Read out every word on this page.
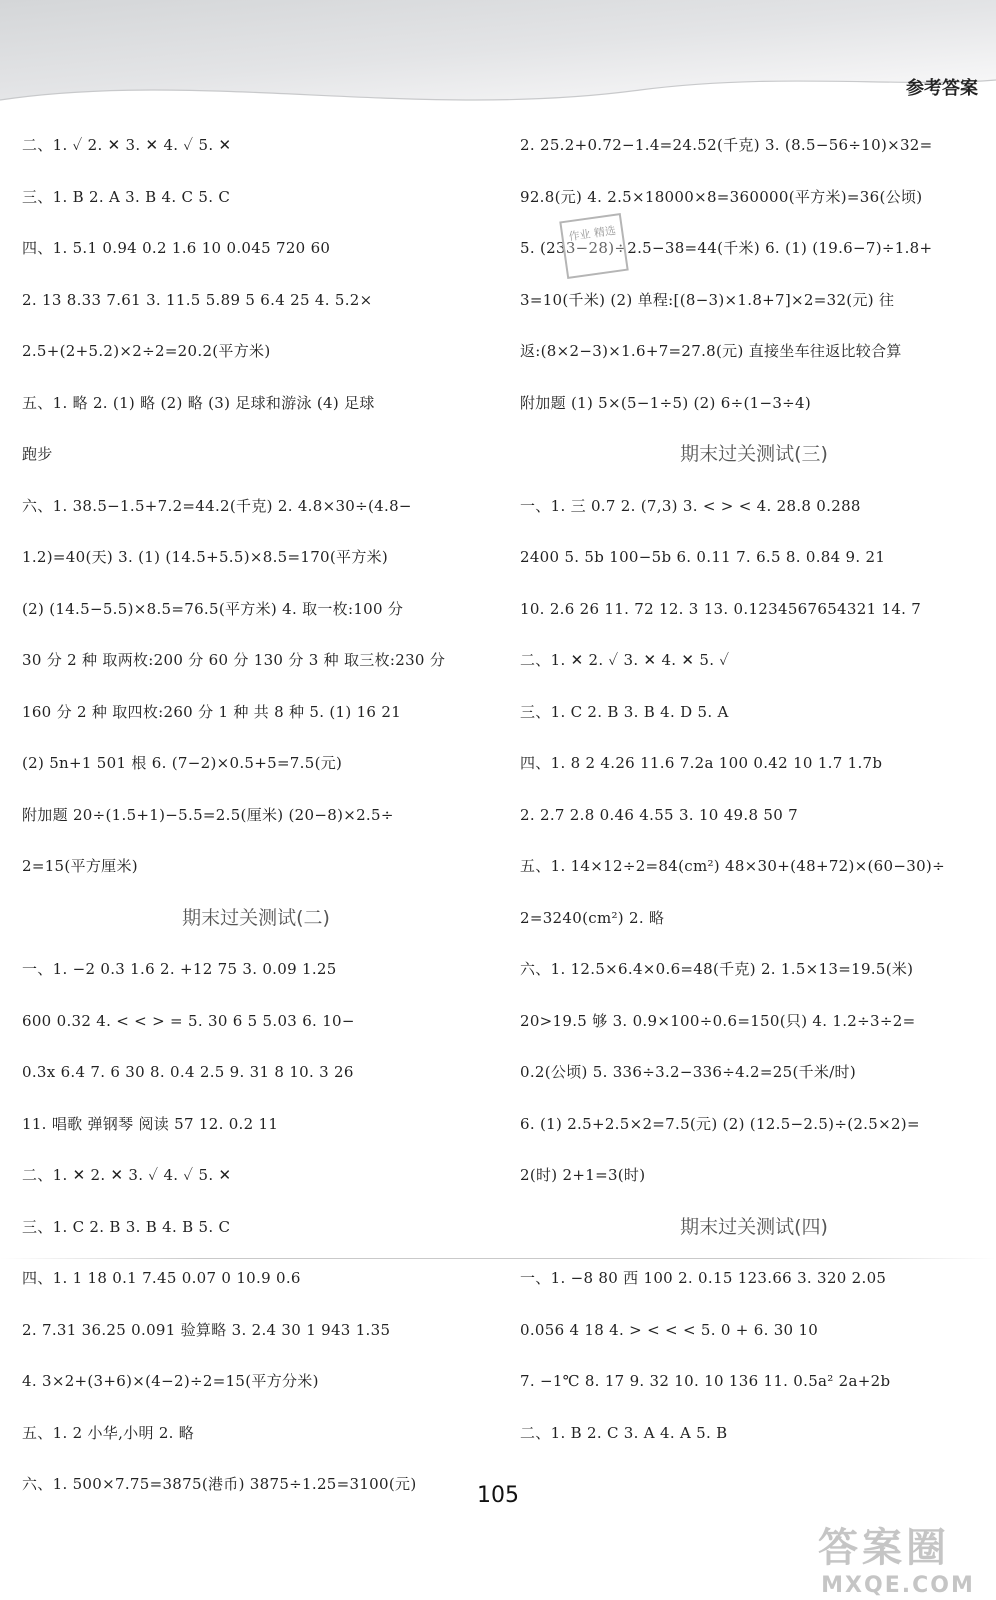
参考答案
二、1. ✓ 2. ✕ 3. ✕ 4. ✓ 5. ✕
三、1. B 2. A 3. B 4. C 5. C
四、1. 5.1 0.94 0.2 1.6 10 0.045 720 60
2. 13 8.33 7.61 3. 11.5 5.89 5 6.4 25 4. 5.2×
2.5+(2+5.2)×2÷2=20.2(平方米)
五、1. 略 2. (1) 略 (2) 略 (3) 足球和游泳 (4) 足球
跑步
六、1. 38.5−1.5+7.2=44.2(千克) 2. 4.8×30÷(4.8−
1.2)=40(天) 3. (1) (14.5+5.5)×8.5=170(平方米)
(2) (14.5−5.5)×8.5=76.5(平方米) 4. 取一枚:100 分
30 分 2 种 取两枚:200 分 60 分 130 分 3 种 取三枚:230 分
160 分 2 种 取四枚:260 分 1 种 共 8 种 5. (1) 16 21
(2) 5n+1 501 根 6. (7−2)×0.5+5=7.5(元)
附加题 20÷(1.5+1)−5.5=2.5(厘米) (20−8)×2.5÷
2=15(平方厘米)
期末过关测试(二)
一、1. −2 0.3 1.6 2. +12 75 3. 0.09 1.25
600 0.32 4. < < > = 5. 30 6 5 5.03 6. 10−
0.3x 6.4 7. 6 30 8. 0.4 2.5 9. 31 8 10. 3 26
11. 唱歌 弹钢琴 阅读 57 12. 0.2 11
二、1. ✕ 2. ✕ 3. ✓ 4. ✓ 5. ✕
三、1. C 2. B 3. B 4. B 5. C
四、1. 1 18 0.1 7.45 0.07 0 10.9 0.6
2. 7.31 36.25 0.091 验算略 3. 2.4 30 1 943 1.35
4. 3×2+(3+6)×(4−2)÷2=15(平方分米)
五、1. 2 小华,小明 2. 略
六、1. 500×7.75=3875(港币) 3875÷1.25=3100(元)
2. 25.2+0.72−1.4=24.52(千克) 3. (8.5−56÷10)×32=
92.8(元) 4. 2.5×18000×8=360000(平方米)=36(公顷)
5. (233−28)÷2.5−38=44(千米) 6. (1) (19.6−7)÷1.8+
3=10(千米) (2) 单程:[(8−3)×1.8+7]×2=32(元) 往
返:(8×2−3)×1.6+7=27.8(元) 直接坐车往返比较合算
附加题 (1) 5×(5−1÷5) (2) 6÷(1−3÷4)
期末过关测试(三)
一、1. 三 0.7 2. (7,3) 3. < > < 4. 28.8 0.288
2400 5. 5b 100−5b 6. 0.11 7. 6.5 8. 0.84 9. 21
10. 2.6 26 11. 72 12. 3 13. 0.1234567654321 14. 7
二、1. ✕ 2. ✓ 3. ✕ 4. ✕ 5. ✓
三、1. C 2. B 3. B 4. D 5. A
四、1. 8 2 4.26 11.6 7.2a 100 0.42 10 1.7 1.7b
2. 2.7 2.8 0.46 4.55 3. 10 49.8 50 7
五、1. 14×12÷2=84(cm²) 48×30+(48+72)×(60−30)÷
2=3240(cm²) 2. 略
六、1. 12.5×6.4×0.6=48(千克) 2. 1.5×13=19.5(米)
20>19.5 够 3. 0.9×100÷0.6=150(只) 4. 1.2÷3÷2=
0.2(公顷) 5. 336÷3.2−336÷4.2=25(千米/时)
6. (1) 2.5+2.5×2=7.5(元) (2) (12.5−2.5)÷(2.5×2)=
2(时) 2+1=3(时)
期末过关测试(四)
一、1. −8 80 西 100 2. 0.15 123.66 3. 320 2.05
0.056 4 18 4. > < < < 5. 0 + 6. 30 10
7. −1℃ 8. 17 9. 32 10. 10 136 11. 0.5a² 2a+2b
二、1. B 2. C 3. A 4. A 5. B
作业 精选
105
答案圈
MXQE.COM
